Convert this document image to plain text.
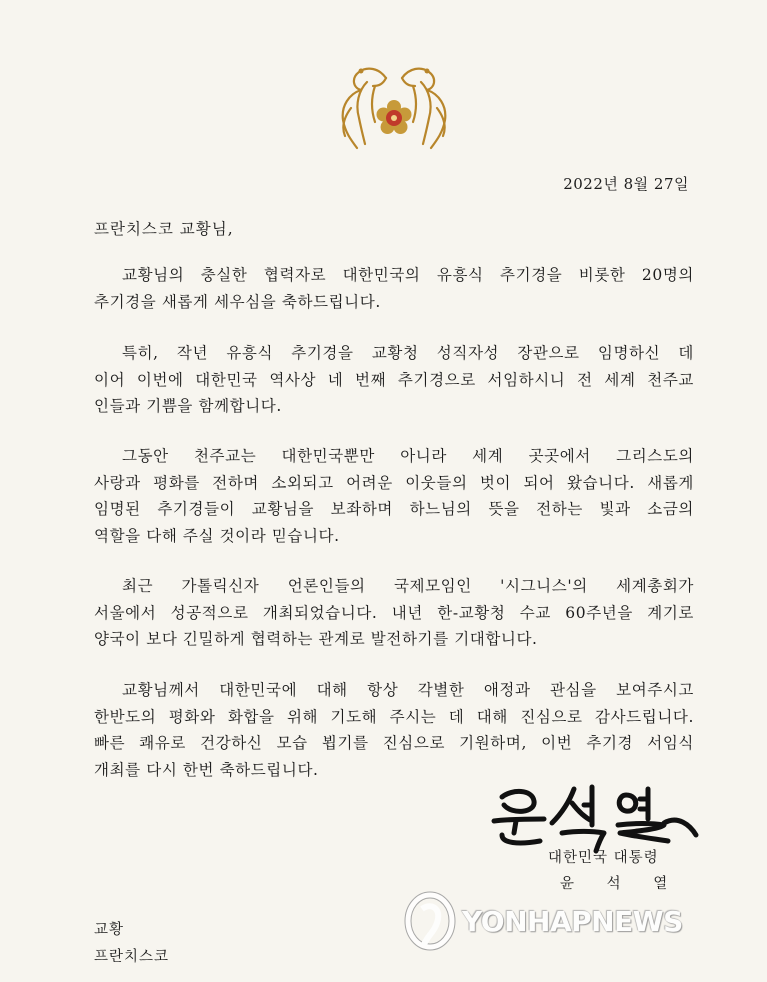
2022년 8월 27일
프란치스코 교황님,
교황님의 충실한 협력자로 대한민국의 유흥식 추기경을 비롯한 20명의
추기경을 새롭게 세우심을 축하드립니다.
특히, 작년 유흥식 추기경을 교황청 성직자성 장관으로 임명하신 데
이어 이번에 대한민국 역사상 네 번째 추기경으로 서임하시니 전 세계 천주교
인들과 기쁨을 함께합니다.
그동안 천주교는 대한민국뿐만 아니라 세계 곳곳에서 그리스도의
사랑과 평화를 전하며 소외되고 어려운 이웃들의 벗이 되어 왔습니다. 새롭게
임명된 추기경들이 교황님을 보좌하며 하느님의 뜻을 전하는 빛과 소금의
역할을 다해 주실 것이라 믿습니다.
최근 가톨릭신자 언론인들의 국제모임인 '시그니스'의 세계총회가
서울에서 성공적으로 개최되었습니다. 내년 한-교황청 수교 60주년을 계기로
양국이 보다 긴밀하게 협력하는 관계로 발전하기를 기대합니다.
교황님께서 대한민국에 대해 항상 각별한 애정과 관심을 보여주시고
한반도의 평화와 화합을 위해 기도해 주시는 데 대해 진심으로 감사드립니다.
빠른 쾌유로 건강하신 모습 뵙기를 진심으로 기원하며, 이번 추기경 서임식
개최를 다시 한번 축하드립니다.
대한민국 대통령
윤 석 열
교황
프란치스코
YONHAPNEWS
